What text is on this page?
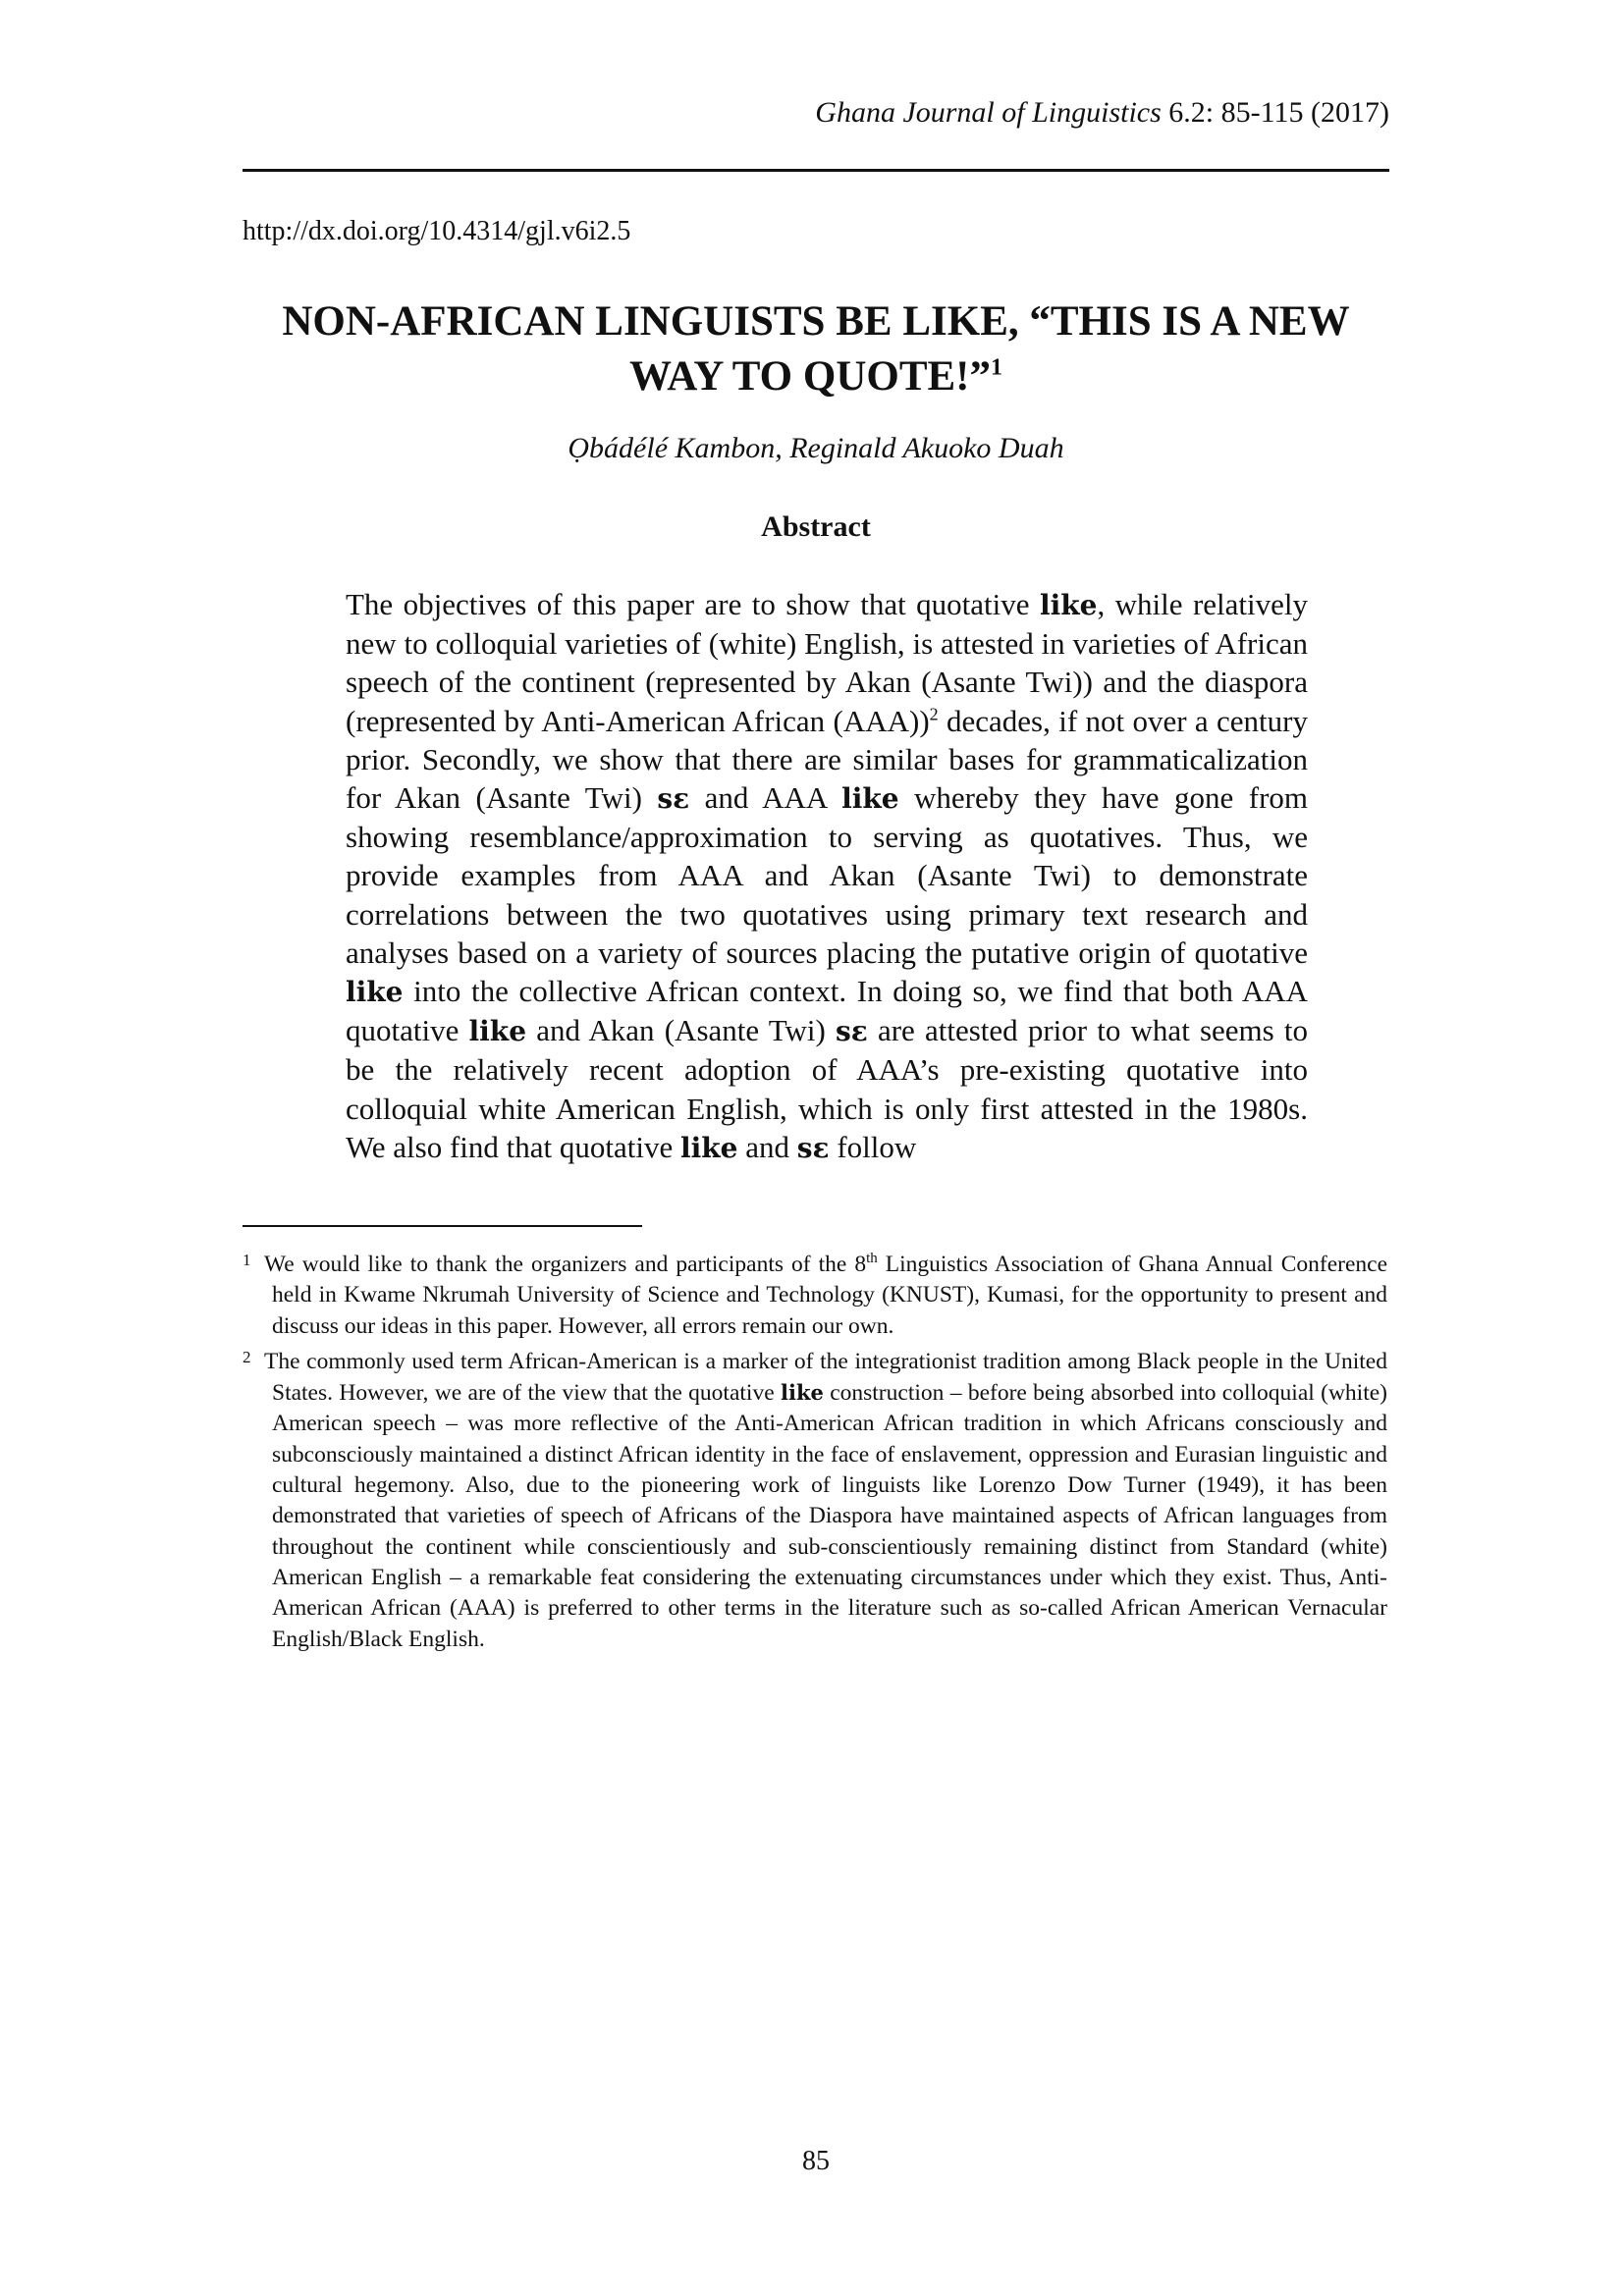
Ghana Journal of Linguistics 6.2: 85-115 (2017)
http://dx.doi.org/10.4314/gjl.v6i2.5
NON-AFRICAN LINGUISTS BE LIKE, “THIS IS A NEW
WAY TO QUOTE!”$^1$
Ọbádélé Kambon, Reginald Akuoko Duah
Abstract

The objectives of this paper are to show that quotative like, while relatively new to colloquial varieties of (white) English, is attested in varieties of African speech of the continent (represented by Akan (Asante Twi)) and the diaspora (represented by Anti-American African (AAA))$^2$ decades, if not over a century prior. Secondly, we show that there are similar bases for grammaticalization for Akan (Asante Twi) sɛ and AAA like whereby they have gone from showing resemblance/approximation to serving as quotatives. Thus, we provide examples from AAA and Akan (Asante Twi) to demonstrate correlations between the two quotatives using primary text research and analyses based on a variety of sources placing the putative origin of quotative like into the collective African context. In doing so, we find that both AAA quotative like and Akan (Asante Twi) sɛ are attested prior to what seems to be the relatively recent adoption of AAA’s pre-existing quotative into colloquial white American English, which is only first attested in the 1980s. We also find that quotative like and sɛ follow

1 We would like to thank the organizers and participants of the 8th Linguistics Association of Ghana Annual Conference held in Kwame Nkrumah University of Science and Technology (KNUST), Kumasi, for the opportunity to present and discuss our ideas in this paper. However, all errors remain our own.

2 The commonly used term African-American is a marker of the integrationist tradition among Black people in the United States. However, we are of the view that the quotative like construction – before being absorbed into colloquial (white) American speech – was more reflective of the Anti-American African tradition in which Africans consciously and subconsciously maintained a distinct African identity in the face of enslavement, oppression and Eurasian linguistic and cultural hegemony. Also, due to the pioneering work of linguists like Lorenzo Dow Turner (1949), it has been demonstrated that varieties of speech of Africans of the Diaspora have maintained aspects of African languages from throughout the continent while conscientiously and sub-conscientiously remaining distinct from Standard (white) American English – a remarkable feat considering the extenuating circumstances under which they exist. Thus, Anti-American African (AAA) is preferred to other terms in the literature such as so-called African American Vernacular English/Black English.

85
